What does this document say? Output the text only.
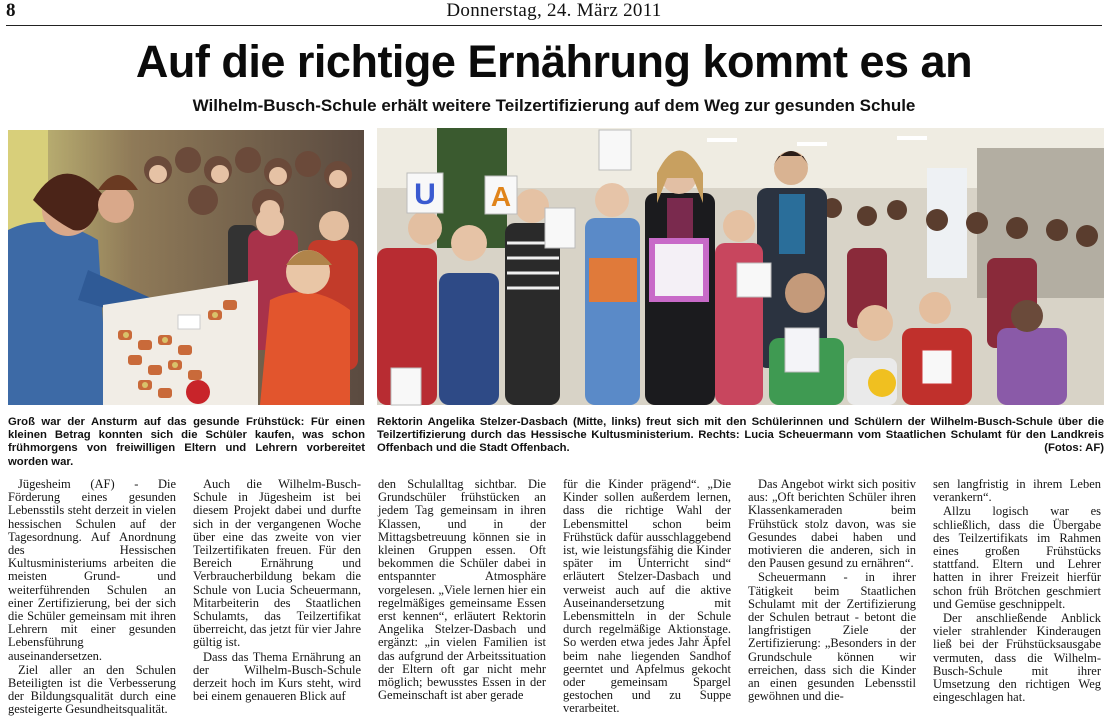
8	Donnerstag, 24. März 2011
Auf die richtige Ernährung kommt es an
Wilhelm-Busch-Schule erhält weitere Teilzertifizierung auf dem Weg zur gesunden Schule
U A
Groß war der Ansturm auf das gesunde Frühstück: Für einen kleinen Betrag konnten sich die Schüler kaufen, was schon frühmorgens von freiwilligen Eltern und Lehrern vorbereitet worden war.
Rektorin Angelika Stelzer-Dasbach (Mitte, links) freut sich mit den Schülerinnen und Schülern der Wilhelm-Busch-Schule über die Teilzertifizierung durch das Hessische Kultusministerium. Rechts: Lucia Scheuermann vom Staatlichen Schulamt für den Landkreis Offenbach und die Stadt Offenbach.	(Fotos: AF)

Jügesheim (AF) - Die Förderung eines gesunden Lebensstils steht derzeit in vielen hessischen Schulen auf der Tagesordnung. Auf Anordnung des Hessischen Kultusministeriums arbeiten die meisten Grund- und weiterführenden Schulen an einer Zertifizierung, bei der sich die Schüler gemeinsam mit ihren Lehrern mit einer gesunden Lebensführung auseinandersetzen.

Ziel aller an den Schulen Beteiligten ist die Verbesserung der Bildungsqualität durch eine gesteigerte Gesundheitsqualität.

Auch die Wilhelm-Busch-Schule in Jügesheim ist bei diesem Projekt dabei und durfte sich in der vergangenen Woche über eine das zweite von vier Teilzertifikaten freuen. Für den Bereich Ernährung und Verbraucherbildung bekam die Schule von Lucia Scheuermann, Mitarbeiterin des Staatlichen Schulamts, das Teilzertifikat überreicht, das jetzt für vier Jahre gültig ist.

Dass das Thema Ernährung an der Wilhelm-Busch-Schule derzeit hoch im Kurs steht, wird bei einem genaueren Blick auf

den Schulalltag sichtbar. Die Grundschüler frühstücken an jedem Tag gemeinsam in ihren Klassen, und in der Mittagsbetreuung können sie in kleinen Gruppen essen. Oft bekommen die Schüler dabei in entspannter Atmosphäre vorgelesen. „Viele lernen hier ein regelmäßiges gemeinsame Essen erst kennen“, erläutert Rektorin Angelika Stelzer-Dasbach und ergänzt: „in vielen Familien ist das aufgrund der Arbeitssituation der Eltern oft gar nicht mehr möglich; bewusstes Essen in der Gemeinschaft ist aber gerade

für die Kinder prägend“. „Die Kinder sollen außerdem lernen, dass die richtige Wahl der Lebensmittel schon beim Frühstück dafür ausschlaggebend ist, wie leistungsfähig die Kinder später im Unterricht sind“ erläutert Stelzer-Dasbach und verweist auch auf die aktive Auseinandersetzung mit Lebensmitteln in der Schule durch regelmäßige Aktionstage. So werden etwa jedes Jahr Äpfel beim nahe liegenden Sandhof geerntet und Apfelmus gekocht oder gemeinsam Spargel gestochen und zu Suppe verarbeitet.

Das Angebot wirkt sich positiv aus: „Oft berichten Schüler ihren Klassenkameraden beim Frühstück stolz davon, was sie Gesundes dabei haben und motivieren die anderen, sich in den Pausen gesund zu ernähren“.

Scheuermann - in ihrer Tätigkeit beim Staatlichen Schulamt mit der Zertifizierung der Schulen betraut - betont die langfristigen Ziele der Zertifizierung: „Besonders in der Grundschule können wir erreichen, dass sich die Kinder an einen gesunden Lebensstil gewöhnen und die-

sen langfristig in ihrem Leben verankern“.

Allzu logisch war es schließlich, dass die Übergabe des Teilzertifikats im Rahmen eines großen Frühstücks stattfand. Eltern und Lehrer hatten in ihrer Freizeit hierfür schon früh Brötchen geschmiert und Gemüse geschnippelt.

Der anschließende Anblick vieler strahlender Kinderaugen ließ bei der Frühstücksausgabe vermuten, dass die Wilhelm-Busch-Schule mit ihrer Umsetzung den richtigen Weg eingeschlagen hat.
